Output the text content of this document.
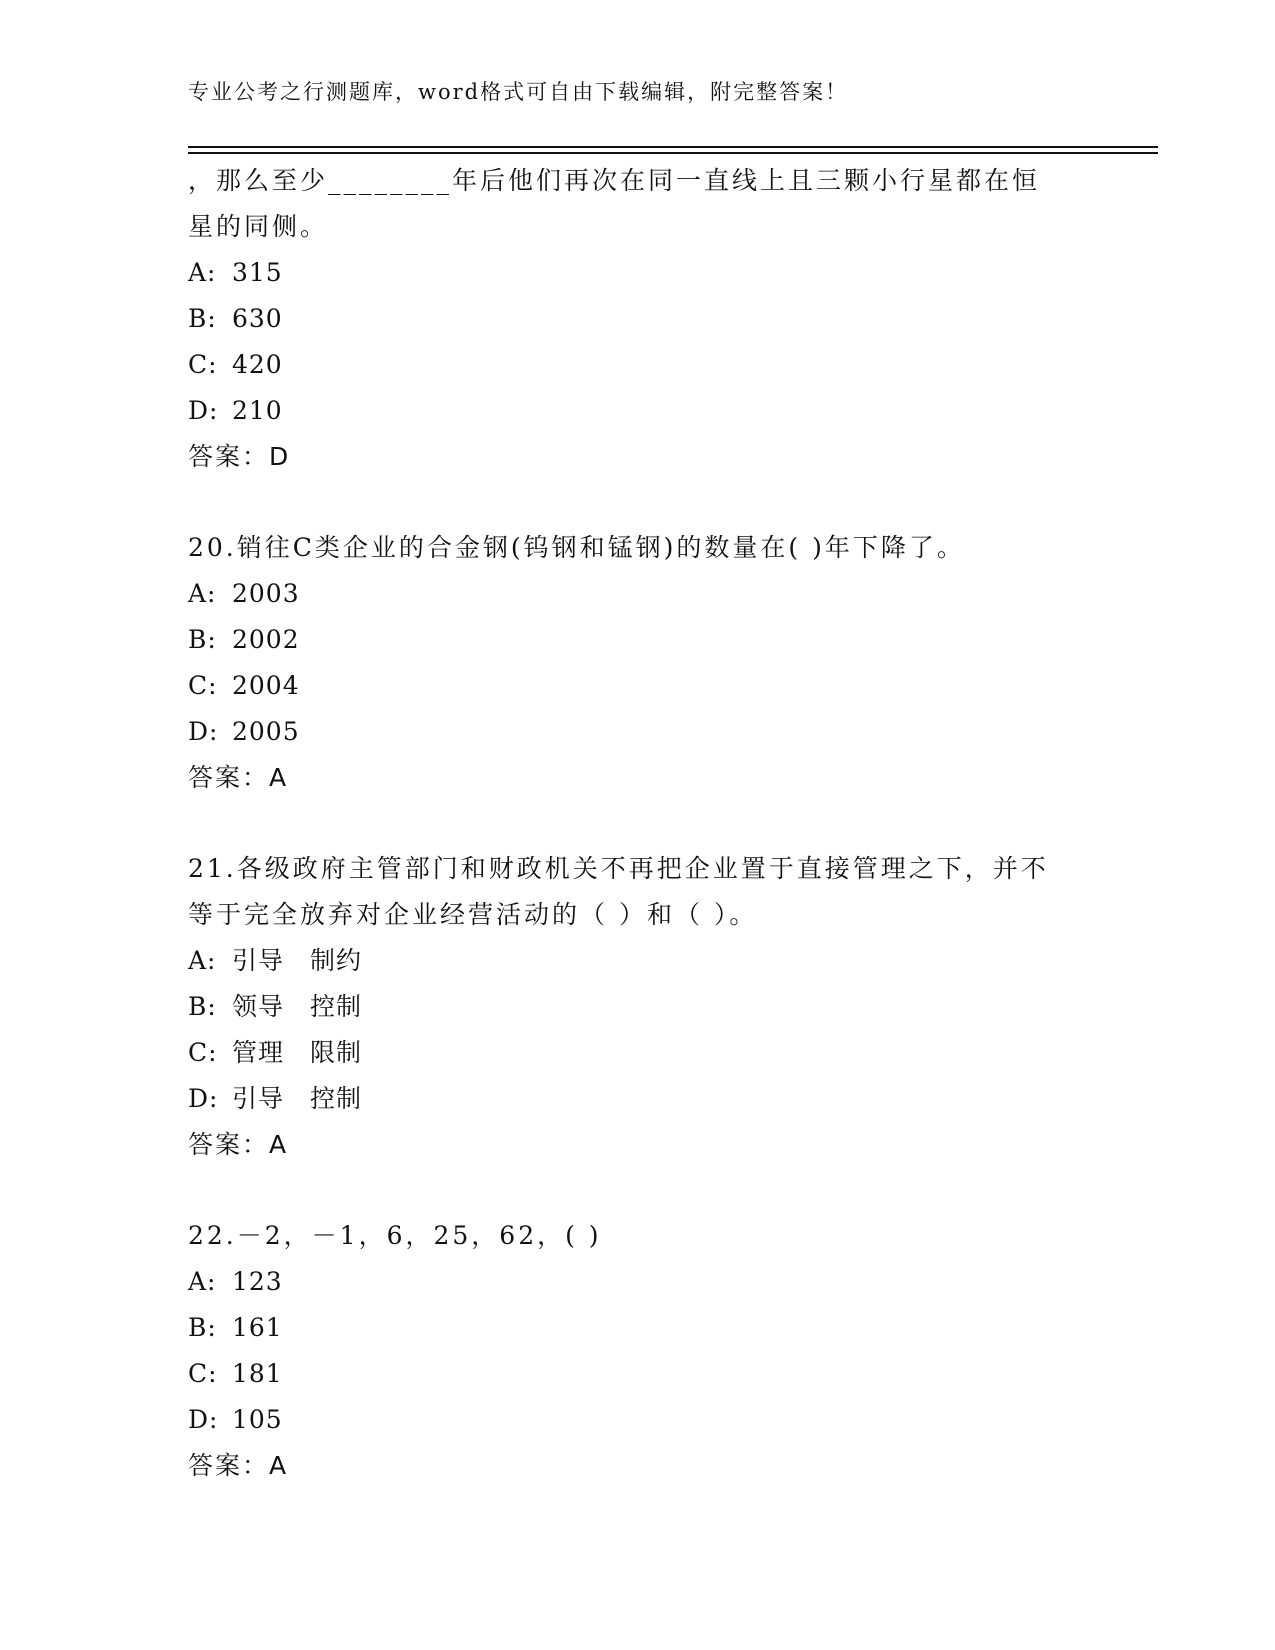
专业公考之行测题库，word格式可自由下载编辑，附完整答案！
，那么至少________年后他们再次在同一直线上且三颗小行星都在恒
星的同侧。
A: 315
B: 630
C: 420
D: 210
答案：D
20.销往C类企业的合金钢(钨钢和锰钢)的数量在( )年下降了。
A: 2003
B: 2002
C: 2004
D: 2005
答案：A
21.各级政府主管部门和财政机关不再把企业置于直接管理之下，并不
等于完全放弃对企业经营活动的（ ）和（ ）。
A: 引导　制约
B: 领导　控制
C: 管理　限制
D: 引导　控制
答案：A
22.－2，－1，6，25，62，( )
A: 123
B: 161
C: 181
D: 105
答案：A
